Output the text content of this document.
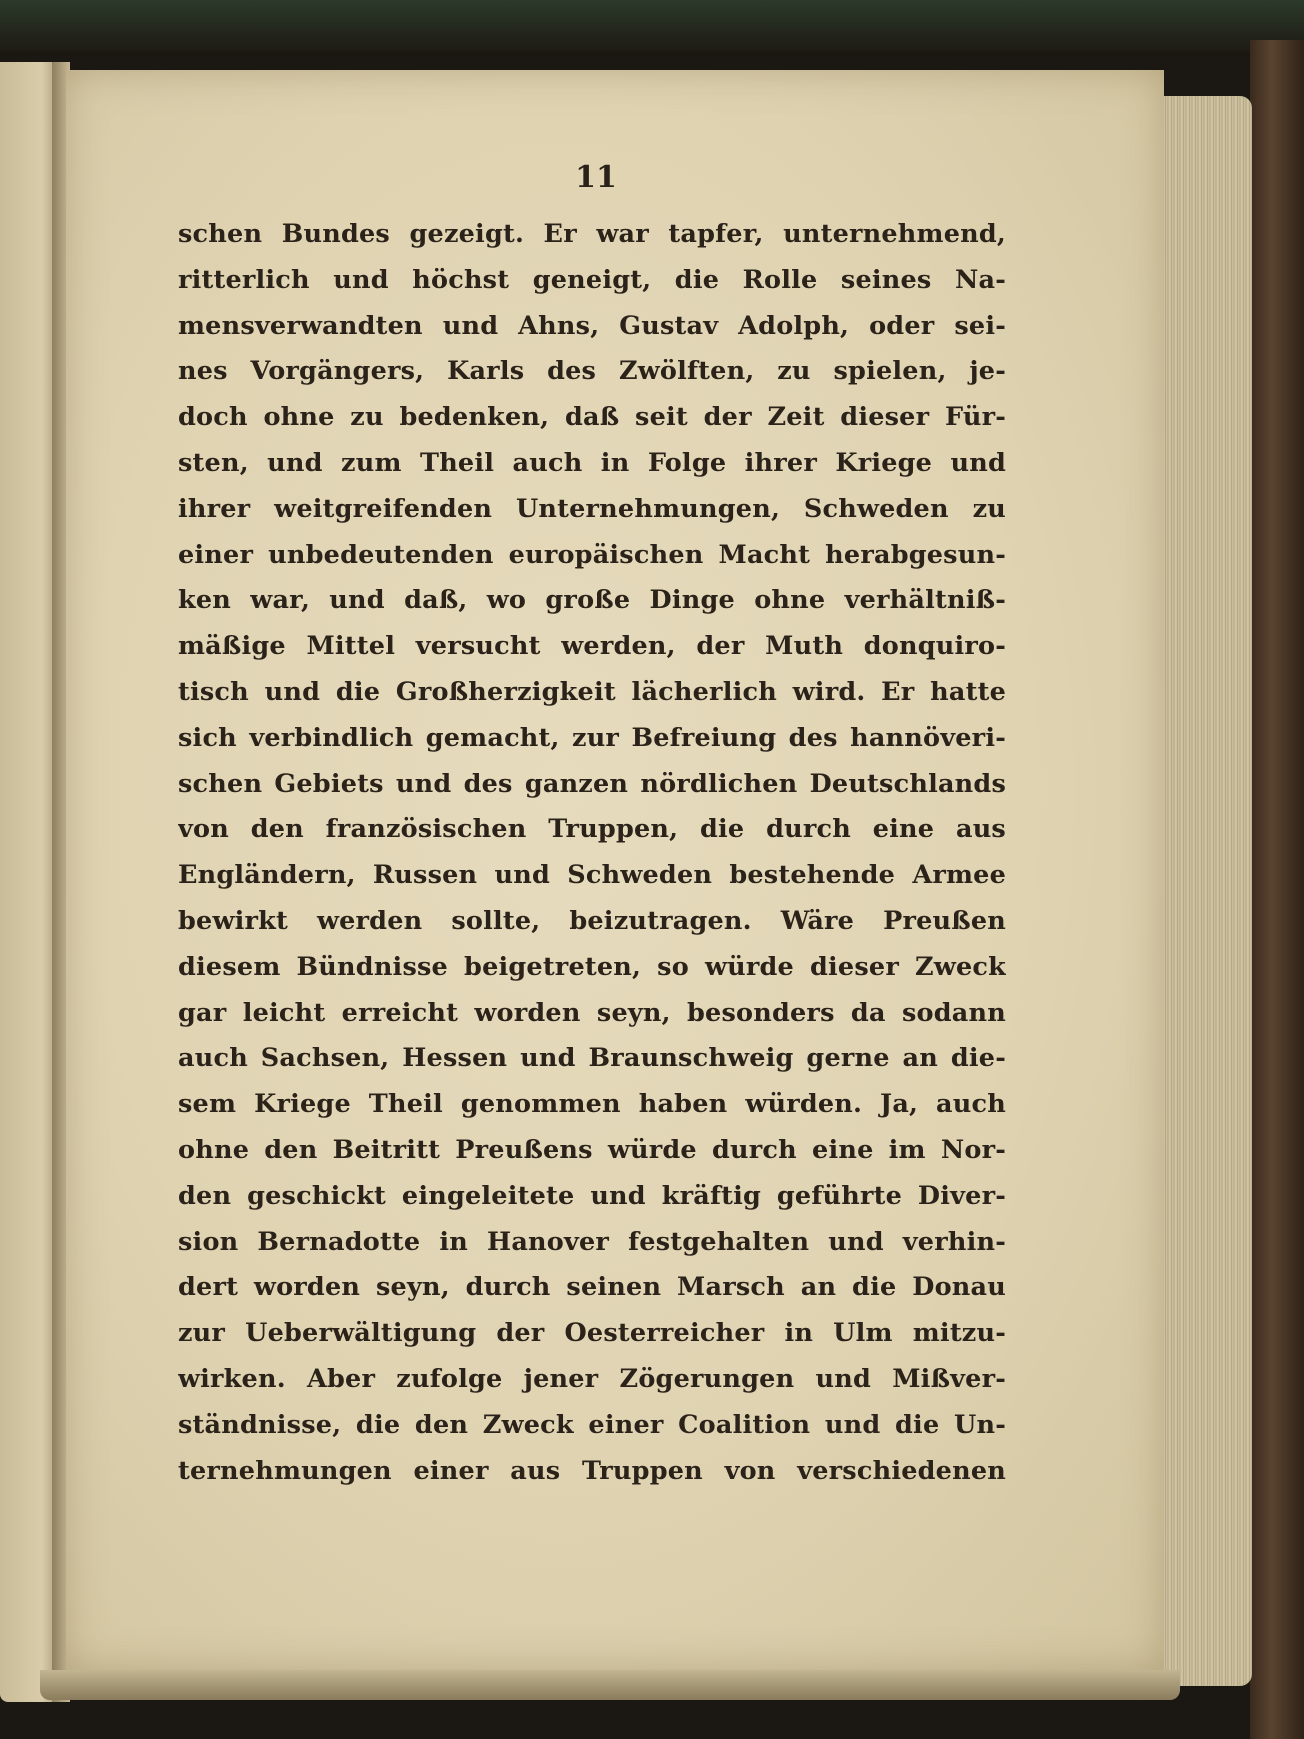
11
schen Bundes gezeigt. Er war tapfer, unternehmend,
ritterlich und höchst geneigt, die Rolle seines Na-
mensverwandten und Ahns, Gustav Adolph, oder sei-
nes Vorgängers, Karls des Zwölften, zu spielen, je-
doch ohne zu bedenken, daß seit der Zeit dieser Für-
sten, und zum Theil auch in Folge ihrer Kriege und
ihrer weitgreifenden Unternehmungen, Schweden zu
einer unbedeutenden europäischen Macht herabgesun-
ken war, und daß, wo große Dinge ohne verhältniß-
mäßige Mittel versucht werden, der Muth donquiro-
tisch und die Großherzigkeit lächerlich wird. Er hatte
sich verbindlich gemacht, zur Befreiung des hannöveri-
schen Gebiets und des ganzen nördlichen Deutschlands
von den französischen Truppen, die durch eine aus
Engländern, Russen und Schweden bestehende Armee
bewirkt werden sollte, beizutragen. Wäre Preußen
diesem Bündnisse beigetreten, so würde dieser Zweck
gar leicht erreicht worden seyn, besonders da sodann
auch Sachsen, Hessen und Braunschweig gerne an die-
sem Kriege Theil genommen haben würden. Ja, auch
ohne den Beitritt Preußens würde durch eine im Nor-
den geschickt eingeleitete und kräftig geführte Diver-
sion Bernadotte in Hanover festgehalten und verhin-
dert worden seyn, durch seinen Marsch an die Donau
zur Ueberwältigung der Oesterreicher in Ulm mitzu-
wirken. Aber zufolge jener Zögerungen und Mißver-
ständnisse, die den Zweck einer Coalition und die Un-
ternehmungen einer aus Truppen von verschiedenen
